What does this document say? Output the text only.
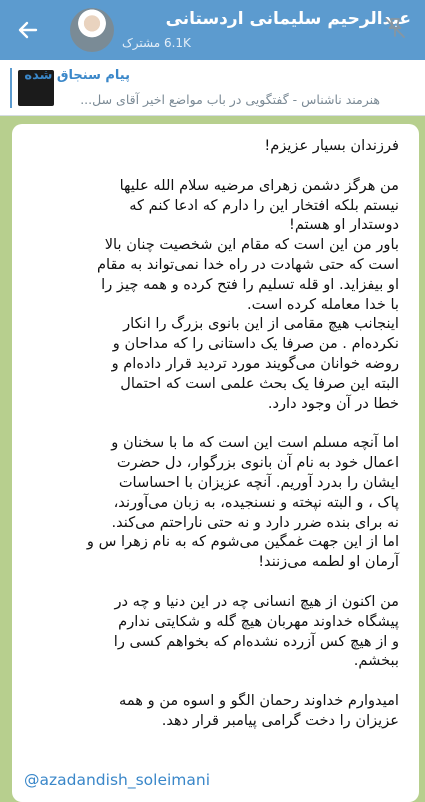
عبدالرحیم سلیمانی اردستانی
6.1K مشترک
پیام سنجاق شده
هنرمند ناشناس - گفتگویی در باب مواضع اخیر آقای سل...

فرزندان بسیار عزیزم!

من هرگز دشمن زهرای مرضیه سلام الله علیها
نیستم بلکه افتخار این را دارم که ادعا کنم که
دوستدار او هستم!
باور من این است که مقام این شخصیت چنان بالا
است که حتی شهادت در راه خدا نمی‌تواند به مقام
او بیفزاید. او قله تسلیم را فتح کرده و همه چیز را
با خدا معامله کرده است.
اینجانب هیچ مقامی از این بانوی بزرگ را انکار
نکرده‌ام . من صرفا یک داستانی را که مداحان و
روضه خوانان می‌گویند مورد تردید قرار داده‌ام و
البته این صرفا یک بحث علمی است که احتمال
خطا در آن وجود دارد.

اما آنچه مسلم است این است که ما با سخنان و
اعمال خود به نام آن بانوی بزرگوار، دل حضرت
ایشان را بدرد آوریم. آنچه عزیزان با احساسات
پاک ، و البته نپخته و نسنجیده، به زبان می‌آورند،
نه برای بنده ضرر دارد و نه حتی ناراحتم می‌کند.
اما از این جهت غمگین می‌شوم که به نام زهرا س و
آرمان او لطمه می‌زنند!

من اکنون از هیچ انسانی چه در این دنیا و چه در
پیشگاه خداوند مهربان هیچ گله و شکایتی ندارم
و از هیچ کس آزرده نشده‌ام که بخواهم کسی را
ببخشم.

امیدوارم خداوند رحمان الگو و اسوه من و همه
عزیزان را دخت گرامی پیامبر قرار دهد.

@azadandish_soleimani
